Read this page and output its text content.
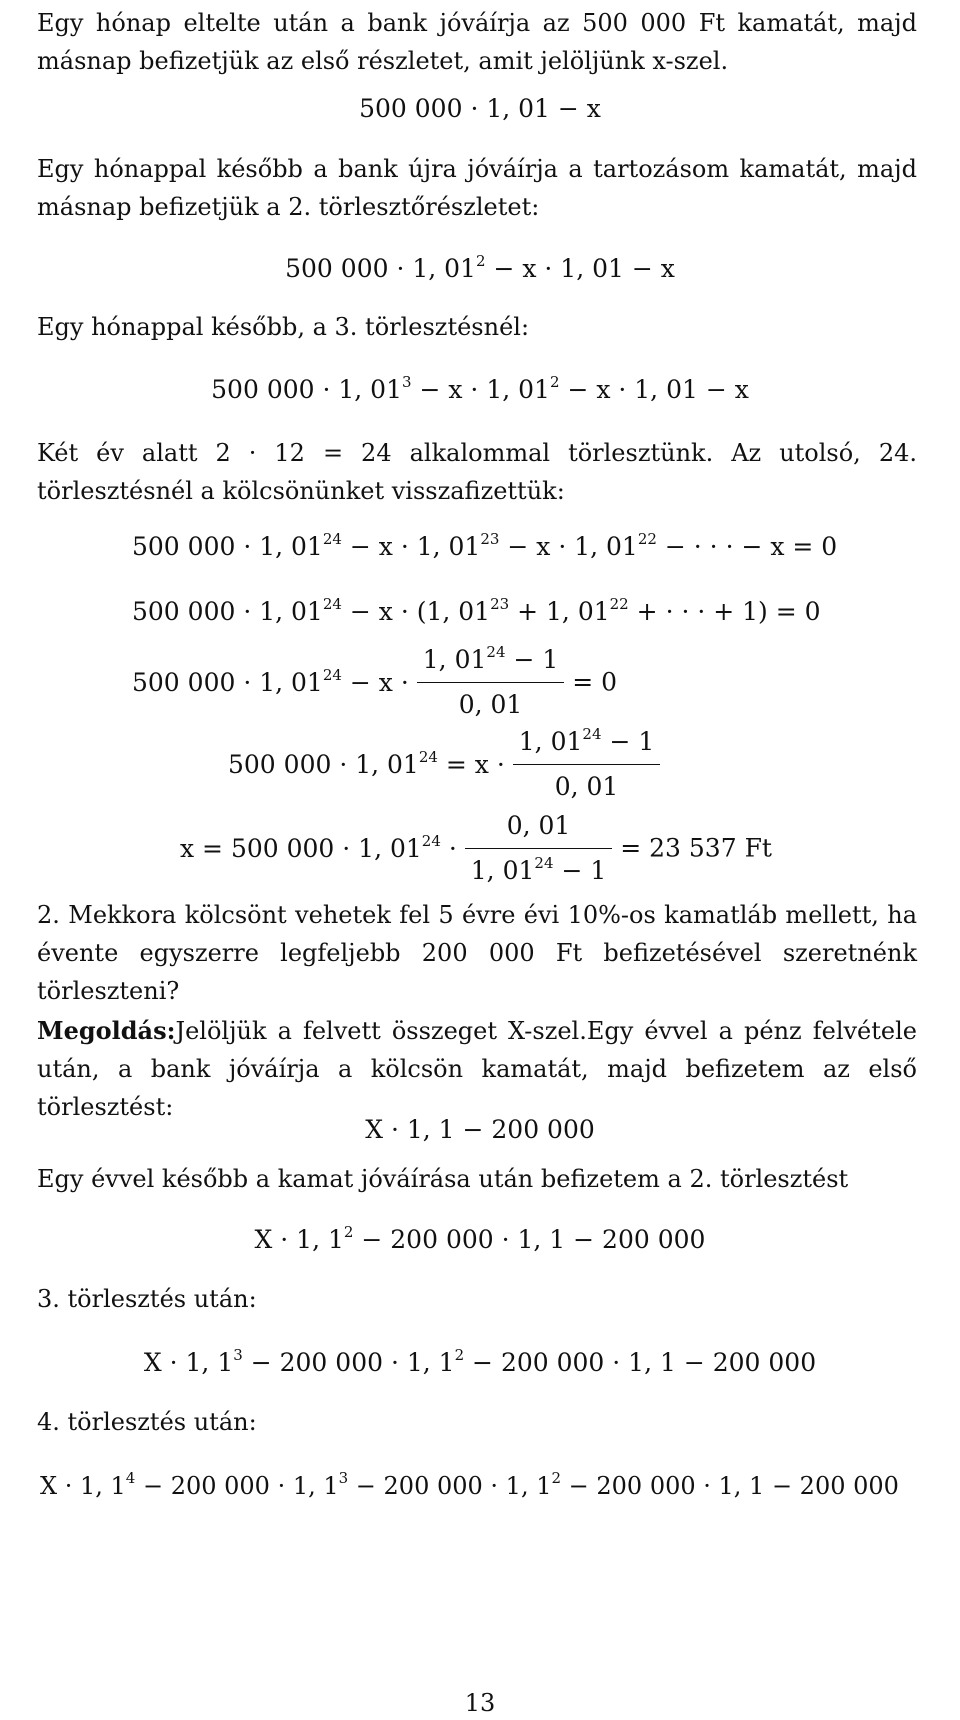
Egy hónap eltelte után a bank jóváírja az 500 000 Ft kamatát, majd másnap befizetjük az első részletet, amit jelöljünk x-szel.

500 000 · 1, 01 − x

Egy hónappal később a bank újra jóváírja a tartozásom kamatát, majd másnap befizetjük a 2. törlesztőrészletet:

500 000 · 1, $01^2 - x \cdot 1$, 01 − x

Egy hónappal később, a 3. törlesztésnél:

500 000 · 1, $01^3 - x \cdot 1$, $01^2 - x \cdot 1$, 01 − x

Két év alatt 2 · 12 = 24 alkalommal törlesztünk. Az utolsó, 24. törlesztésnél a kölcsönünket visszafizettük:

500 000 · 1, $01^{24} - x \cdot 1$, $01^{23} - x \cdot 1$, $01^{22}$ − · · · − x = 0
500 000 · 1, $01^{24} - x \cdot (1$, $01^{23} + 1$, $01^{22}$ + · · · + 1) = 0
500 000 · 1, $01^{24} - x \cdot \frac{1, 01^{24} - 1}{0, 01} = 0$
500 000 · 1, $01^{24} = x \cdot \frac{1, 01^{24} - 1}{0, 01}$
x = 500 000 · 1, $01^{24} \cdot \frac{0, 01}{1, 01^{24} - 1} = 23$ 537 Ft

2. Mekkora kölcsönt vehetek fel 5 évre évi 10%-os kamatláb mellett, ha évente egyszerre legfeljebb 200 000 Ft befizetésével szeretnénk törleszteni?

Megoldás:Jelöljük a felvett összeget X-szel.Egy évvel a pénz felvétele után, a bank jóváírja a kölcsön kamatát, majd befizetem az első törlesztést:

X · 1, 1 − 200 000

Egy évvel később a kamat jóváírása után befizetem a 2. törlesztést

X · 1, $1^2 - 200$ 000 · 1, 1 − 200 000

3. törlesztés után:

X · 1, $1^3 - 200$ 000 · 1, $1^2 - 200$ 000 · 1, 1 − 200 000

4. törlesztés után:

X · 1, $1^4 - 200$ 000 · 1, $1^3 - 200$ 000 · 1, $1^2 - 200$ 000 · 1, 1 − 200 000
13
